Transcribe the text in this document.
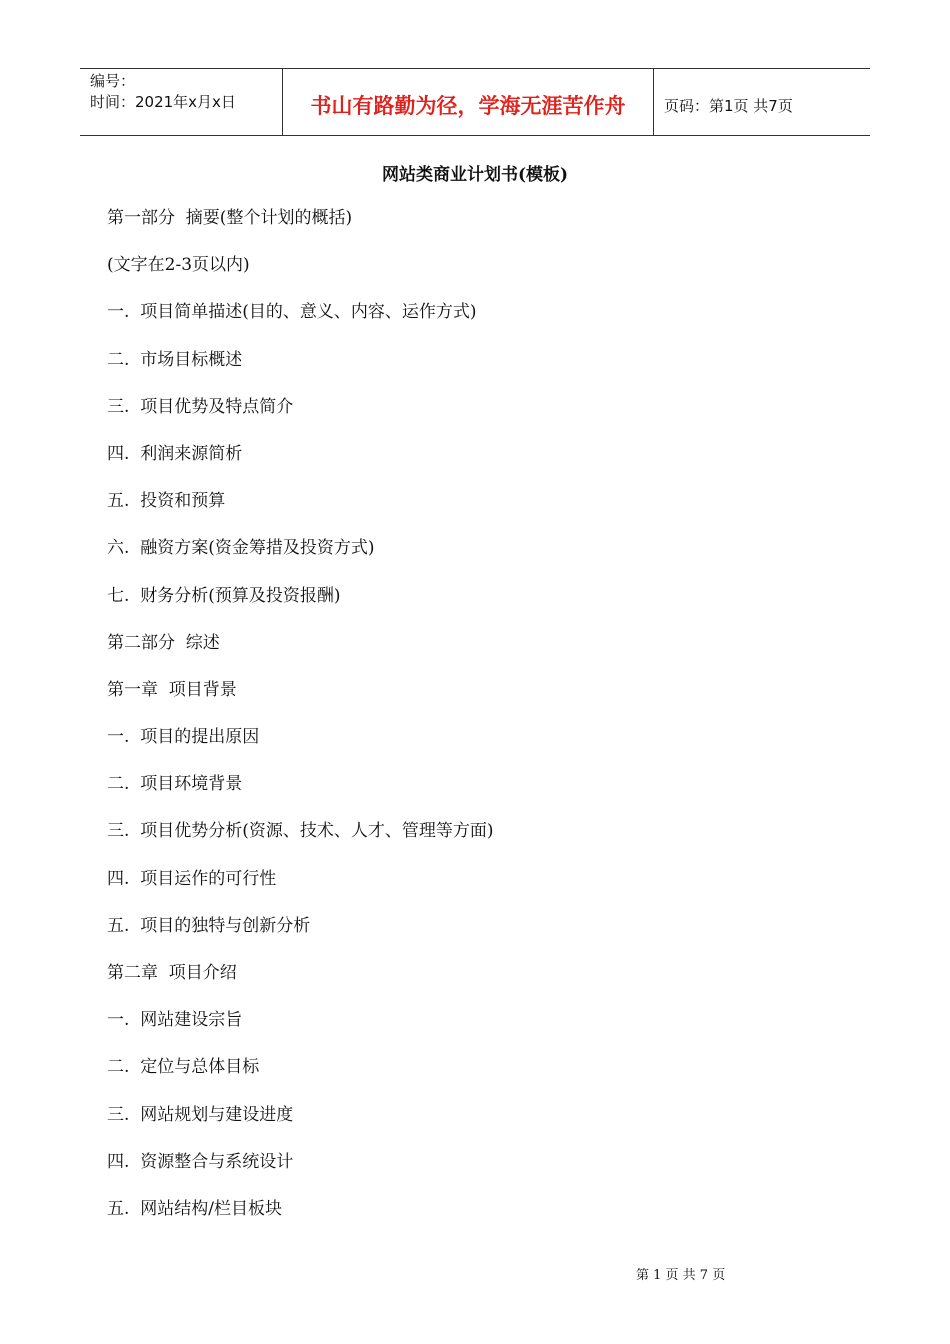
编号：
时间：2021年x月x日	书山有路勤为径，学海无涯苦作舟	页码：第1页 共7页
网站类商业计划书(模板)
第一部分  摘要(整个计划的概括)
(文字在2-3页以内)
一.  项目简单描述(目的、意义、内容、运作方式)
二.  市场目标概述
三.  项目优势及特点简介
四.  利润来源简析
五.  投资和预算
六.  融资方案(资金筹措及投资方式)
七.  财务分析(预算及投资报酬)
第二部分  综述
第一章  项目背景
一.  项目的提出原因
二.  项目环境背景
三.  项目优势分析(资源、技术、人才、管理等方面)
四.  项目运作的可行性
五.  项目的独特与创新分析
第二章  项目介绍
一.  网站建设宗旨
二.  定位与总体目标
三.  网站规划与建设进度
四.  资源整合与系统设计
五.  网站结构/栏目板块
第 1 页 共 7 页
